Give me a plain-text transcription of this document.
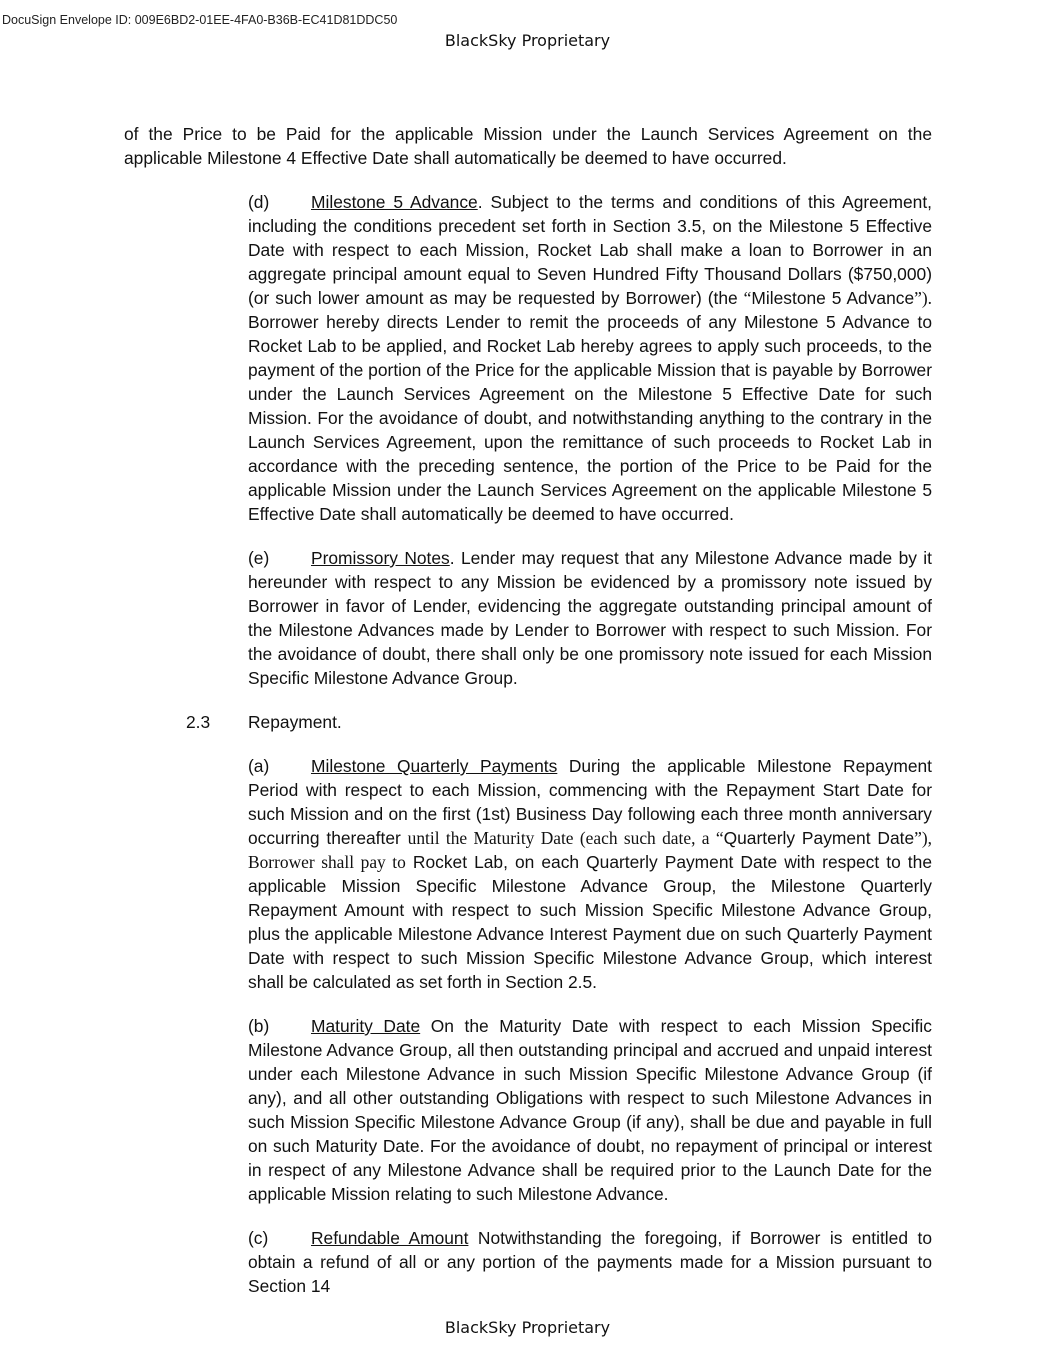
DocuSign Envelope ID: 009E6BD2-01EE-4FA0-B36B-EC41D81DDC50
BlackSky Proprietary

of the Price to be Paid for the applicable Mission under the Launch Services Agreement on the applicable Milestone 4 Effective Date shall automatically be deemed to have occurred.

(d) Milestone 5 Advance. Subject to the terms and conditions of this Agreement, including the conditions precedent set forth in Section 3.5, on the Milestone 5 Effective Date with respect to each Mission, Rocket Lab shall make a loan to Borrower in an aggregate principal amount equal to Seven Hundred Fifty Thousand Dollars ($750,000) (or such lower amount as may be requested by Borrower) (the “Milestone 5 Advance”). Borrower hereby directs Lender to remit the proceeds of any Milestone 5 Advance to Rocket Lab to be applied, and Rocket Lab hereby agrees to apply such proceeds, to the payment of the portion of the Price for the applicable Mission that is payable by Borrower under the Launch Services Agreement on the Milestone 5 Effective Date for such Mission. For the avoidance of doubt, and notwithstanding anything to the contrary in the Launch Services Agreement, upon the remittance of such proceeds to Rocket Lab in accordance with the preceding sentence, the portion of the Price to be Paid for the applicable Mission under the Launch Services Agreement on the applicable Milestone 5 Effective Date shall automatically be deemed to have occurred.

(e) Promissory Notes. Lender may request that any Milestone Advance made by it hereunder with respect to any Mission be evidenced by a promissory note issued by Borrower in favor of Lender, evidencing the aggregate outstanding principal amount of the Milestone Advances made by Lender to Borrower with respect to such Mission. For the avoidance of doubt, there shall only be one promissory note issued for each Mission Specific Milestone Advance Group.

2.3 Repayment.

(a) Milestone Quarterly Payments During the applicable Milestone Repayment Period with respect to each Mission, commencing with the Repayment Start Date for such Mission and on the first (1st) Business Day following each three month anniversary occurring thereafter until the Maturity Date (each such date, a “Quarterly Payment Date”), Borrower shall pay to Rocket Lab, on each Quarterly Payment Date with respect to the applicable Mission Specific Milestone Advance Group, the Milestone Quarterly Repayment Amount with respect to such Mission Specific Milestone Advance Group, plus the applicable Milestone Advance Interest Payment due on such Quarterly Payment Date with respect to such Mission Specific Milestone Advance Group, which interest shall be calculated as set forth in Section 2.5.

(b) Maturity Date On the Maturity Date with respect to each Mission Specific Milestone Advance Group, all then outstanding principal and accrued and unpaid interest under each Milestone Advance in such Mission Specific Milestone Advance Group (if any), and all other outstanding Obligations with respect to such Milestone Advances in such Mission Specific Milestone Advance Group (if any), shall be due and payable in full on such Maturity Date. For the avoidance of doubt, no repayment of principal or interest in respect of any Milestone Advance shall be required prior to the Launch Date for the applicable Mission relating to such Milestone Advance.

(c) Refundable Amount Notwithstanding the foregoing, if Borrower is entitled to obtain a refund of all or any portion of the payments made for a Mission pursuant to Section 14

BlackSky Proprietary
